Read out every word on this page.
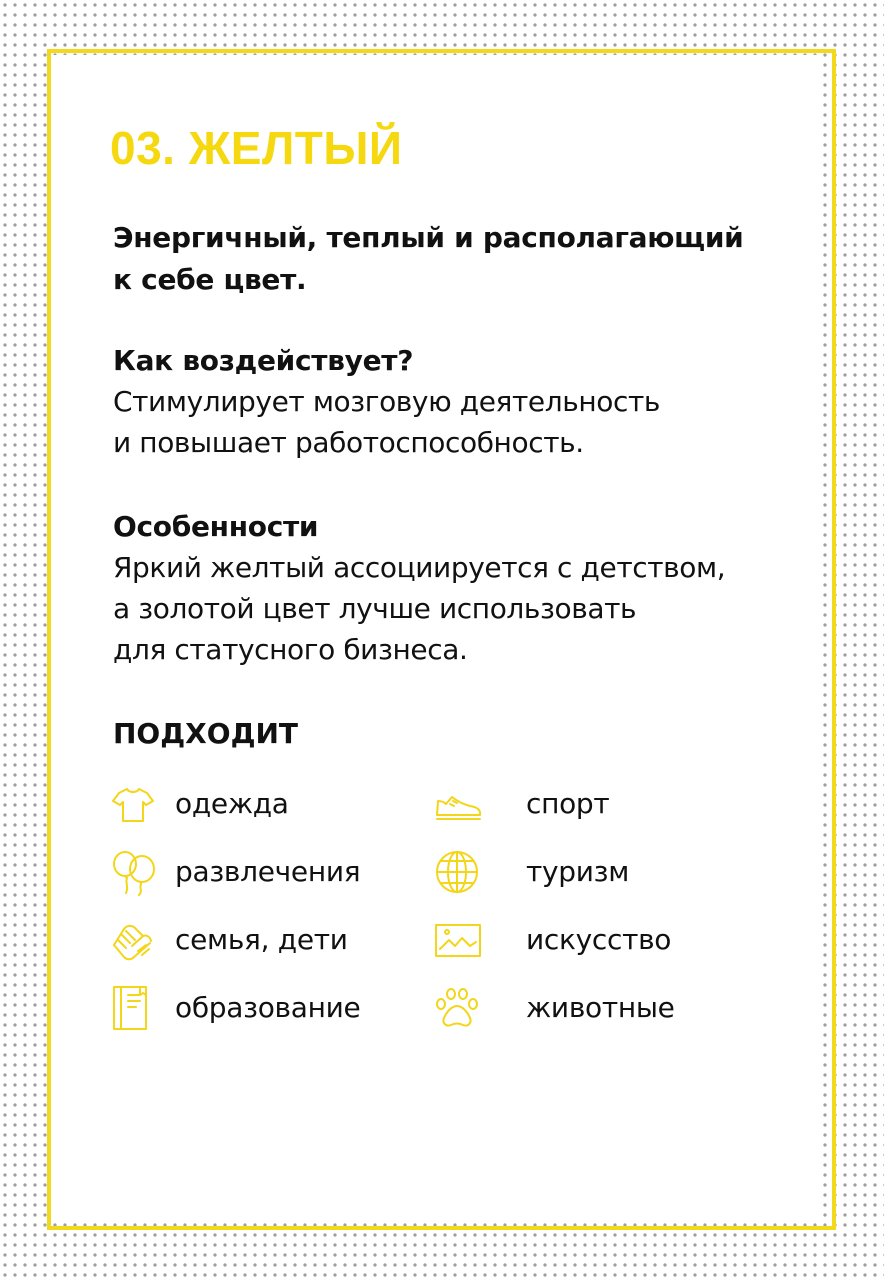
03. ЖЕЛТЫЙ
Энергичный, теплый и располагающий
к себе цвет.
Как воздействует?

Стимулирует мозговую деятельность
и повышает работоспособность.

Особенности

Яркий желтый ассоциируется с детством,
а золотой цвет лучше использовать
для статусного бизнеса.

ПОДХОДИТ
одежда	спорт
развлечения	туризм
семья, дети	искусство
образование	животные
